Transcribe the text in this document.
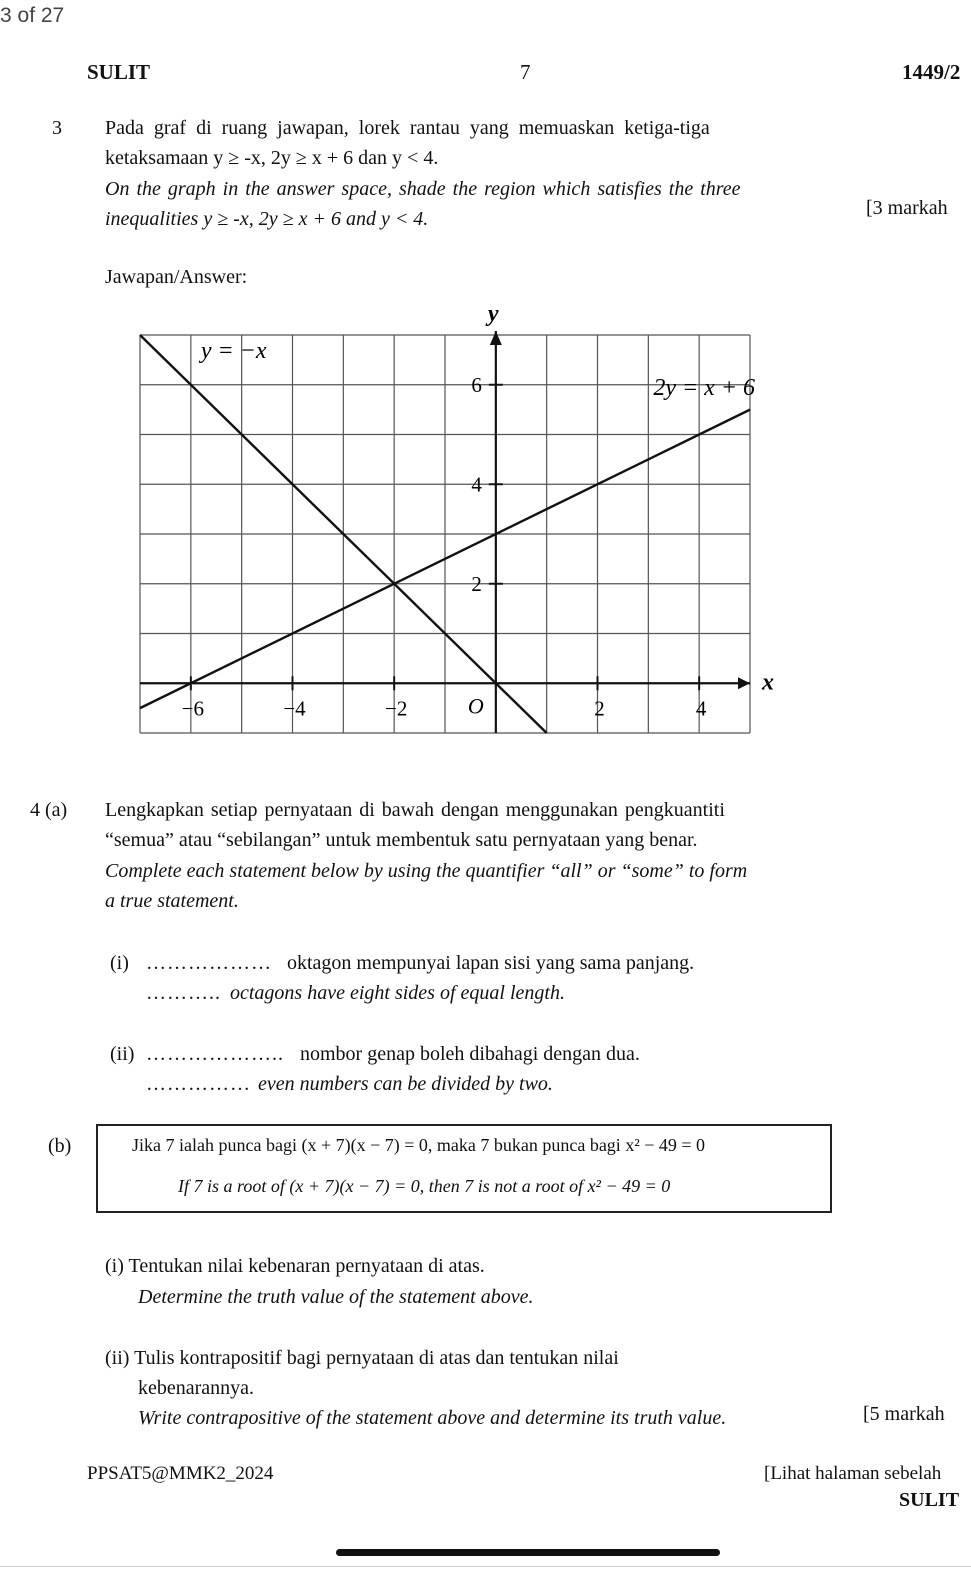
3 of 27
SULIT	7	1449/2
3 Pada graf di ruang jawapan, lorek rantau yang memuaskan ketiga-tiga
ketaksamaan y ≥ -x, 2y ≥ x + 6 dan y < 4.
On the graph in the answer space, shade the region which satisfies the three
inequalities y ≥ -x, 2y ≥ x + 6 and y < 4.	[3 markah
Jawapan/Answer:
−6	−4	−2	2	4
2
4
6
O
x
y
y = −x
2y = x + 6
4 (a) Lengkapkan setiap pernyataan di bawah dengan menggunakan pengkuantiti
“semua” atau “sebilangan” untuk membentuk satu pernyataan yang benar.
Complete each statement below by using the quantifier “all” or “some” to form
a true statement.
(i) ……………… oktagon mempunyai lapan sisi yang sama panjang.
……….. octagons have eight sides of equal length.
(ii) ……………….. nombor genap boleh dibahagi dengan dua.
…………… even numbers can be divided by two.
(b)	Jika 7 ialah punca bagi (x + 7)(x − 7) = 0, maka 7 bukan punca bagi x² − 49 = 0
If 7 is a root of (x + 7)(x − 7) = 0, then 7 is not a root of x² − 49 = 0
(i) Tentukan nilai kebenaran pernyataan di atas.
Determine the truth value of the statement above.
(ii) Tulis kontrapositif bagi pernyataan di atas dan tentukan nilai
kebenarannya.
Write contrapositive of the statement above and determine its truth value.	[5 markah
PPSAT5@MMK2_2024	[Lihat halaman sebelah
SULIT
